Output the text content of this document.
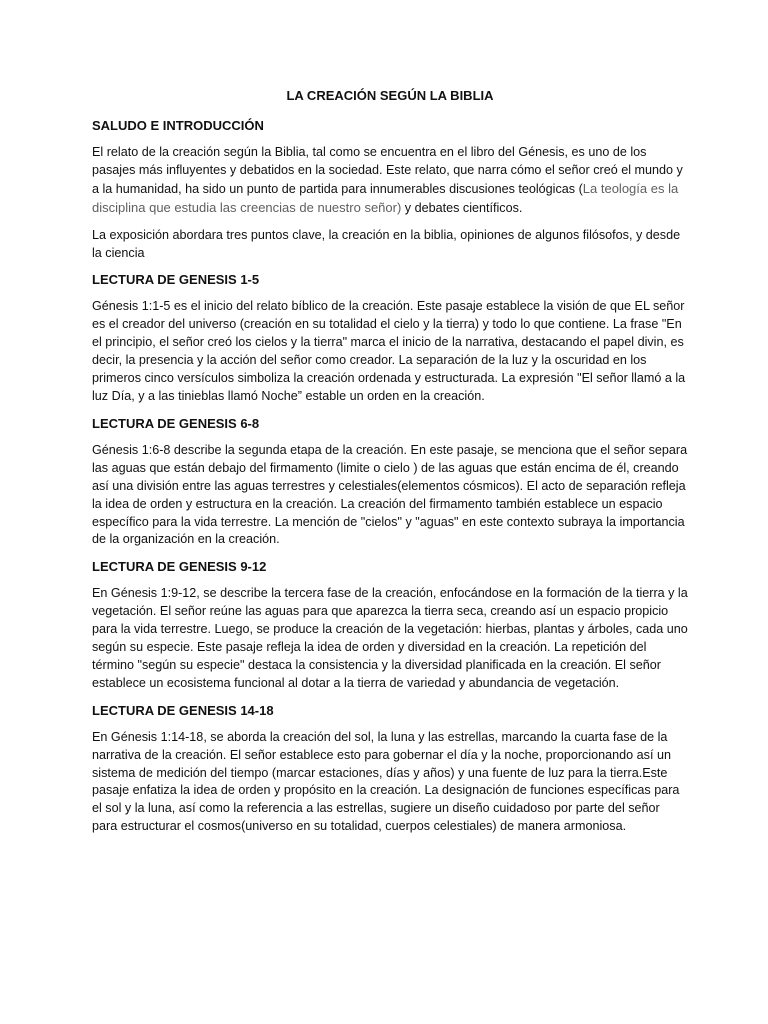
LA CREACIÓN SEGÚN LA BIBLIA
SALUDO E INTRODUCCIÓN

El relato de la creación según la Biblia, tal como se encuentra en el libro del Génesis, es uno de los pasajes más influyentes y debatidos en la sociedad. Este relato, que narra cómo el señor creó el mundo y a la humanidad, ha sido un punto de partida para innumerables discusiones teológicas (La teología es la disciplina que estudia las creencias de nuestro señor) y debates científicos.

La exposición abordara tres puntos clave, la creación en la biblia, opiniones de algunos filósofos, y desde la ciencia

LECTURA DE GENESIS 1-5

Génesis 1:1-5 es el inicio del relato bíblico de la creación. Este pasaje establece la visión de que EL señor es el creador del universo (creación en su totalidad el cielo y la tierra) y todo lo que contiene. La frase "En el principio, el señor creó los cielos y la tierra" marca el inicio de la narrativa, destacando el papel divin, es decir, la presencia y la acción del señor como creador. La separación de la luz y la oscuridad en los primeros cinco versículos simboliza la creación ordenada y estructurada. La expresión "El señor llamó a la luz Día, y a las tinieblas llamó Noche” estable un orden en la creación.

LECTURA DE GENESIS 6-8

Génesis 1:6-8 describe la segunda etapa de la creación. En este pasaje, se menciona que el señor separa las aguas que están debajo del firmamento (limite o cielo ) de las aguas que están encima de él, creando así una división entre las aguas terrestres y celestiales(elementos cósmicos). El acto de separación refleja la idea de orden y estructura en la creación. La creación del firmamento también establece un espacio específico para la vida terrestre. La mención de "cielos" y "aguas" en este contexto subraya la importancia de la organización en la creación.

LECTURA DE GENESIS 9-12

En Génesis 1:9-12, se describe la tercera fase de la creación, enfocándose en la formación de la tierra y la vegetación. El señor reúne las aguas para que aparezca la tierra seca, creando así un espacio propicio para la vida terrestre. Luego, se produce la creación de la vegetación: hierbas, plantas y árboles, cada uno según su especie. Este pasaje refleja la idea de orden y diversidad en la creación. La repetición del término "según su especie" destaca la consistencia y la diversidad planificada en la creación. El señor establece un ecosistema funcional al dotar a la tierra de variedad y abundancia de vegetación.

LECTURA DE GENESIS 14-18

En Génesis 1:14-18, se aborda la creación del sol, la luna y las estrellas, marcando la cuarta fase de la narrativa de la creación. El señor establece esto para gobernar el día y la noche, proporcionando así un sistema de medición del tiempo (marcar estaciones, días y años) y una fuente de luz para la tierra.Este pasaje enfatiza la idea de orden y propósito en la creación. La designación de funciones específicas para el sol y la luna, así como la referencia a las estrellas, sugiere un diseño cuidadoso por parte del señor para estructurar el cosmos(universo en su totalidad, cuerpos celestiales) de manera armoniosa.
